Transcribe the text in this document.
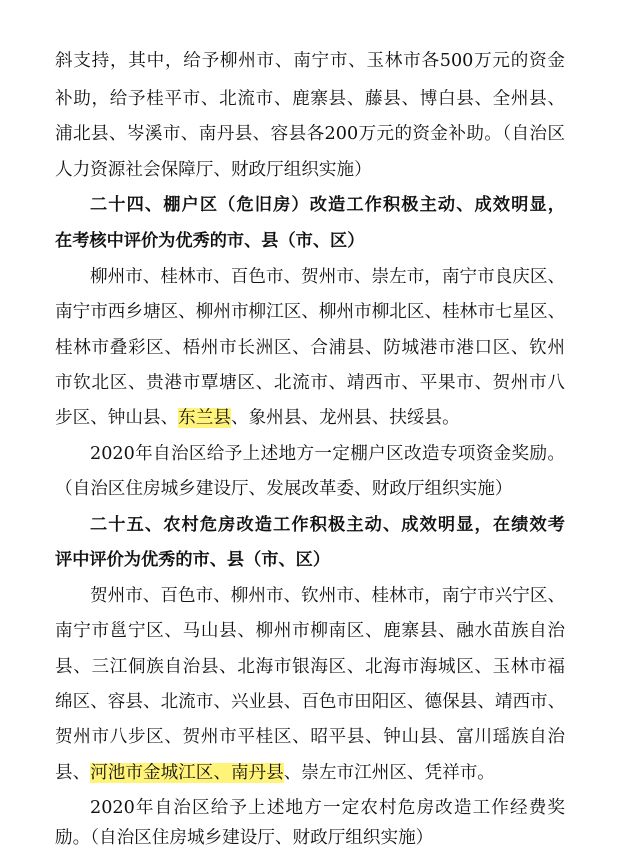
斜支持，其中，给予柳州市、南宁市、玉林市各500万元的资金
补助，给予桂平市、北流市、鹿寨县、藤县、博白县、全州县、
浦北县、岑溪市、南丹县、容县各200万元的资金补助。（自治区
人力资源社会保障厅、财政厅组织实施）
二十四、棚户区（危旧房）改造工作积极主动、成效明显，
在考核中评价为优秀的市、县（市、区）
柳州市、桂林市、百色市、贺州市、崇左市，南宁市良庆区、
南宁市西乡塘区、柳州市柳江区、柳州市柳北区、桂林市七星区、
桂林市叠彩区、梧州市长洲区、合浦县、防城港市港口区、钦州
市钦北区、贵港市覃塘区、北流市、靖西市、平果市、贺州市八
步区、钟山县、东兰县、象州县、龙州县、扶绥县。
2020年自治区给予上述地方一定棚户区改造专项资金奖励。
（自治区住房城乡建设厅、发展改革委、财政厅组织实施）
二十五、农村危房改造工作积极主动、成效明显，在绩效考
评中评价为优秀的市、县（市、区）
贺州市、百色市、柳州市、钦州市、桂林市，南宁市兴宁区、
南宁市邕宁区、马山县、柳州市柳南区、鹿寨县、融水苗族自治
县、三江侗族自治县、北海市银海区、北海市海城区、玉林市福
绵区、容县、北流市、兴业县、百色市田阳区、德保县、靖西市、
贺州市八步区、贺州市平桂区、昭平县、钟山县、富川瑶族自治
县、河池市金城江区、南丹县、崇左市江州区、凭祥市。
2020年自治区给予上述地方一定农村危房改造工作经费奖
励。（自治区住房城乡建设厅、财政厅组织实施）
